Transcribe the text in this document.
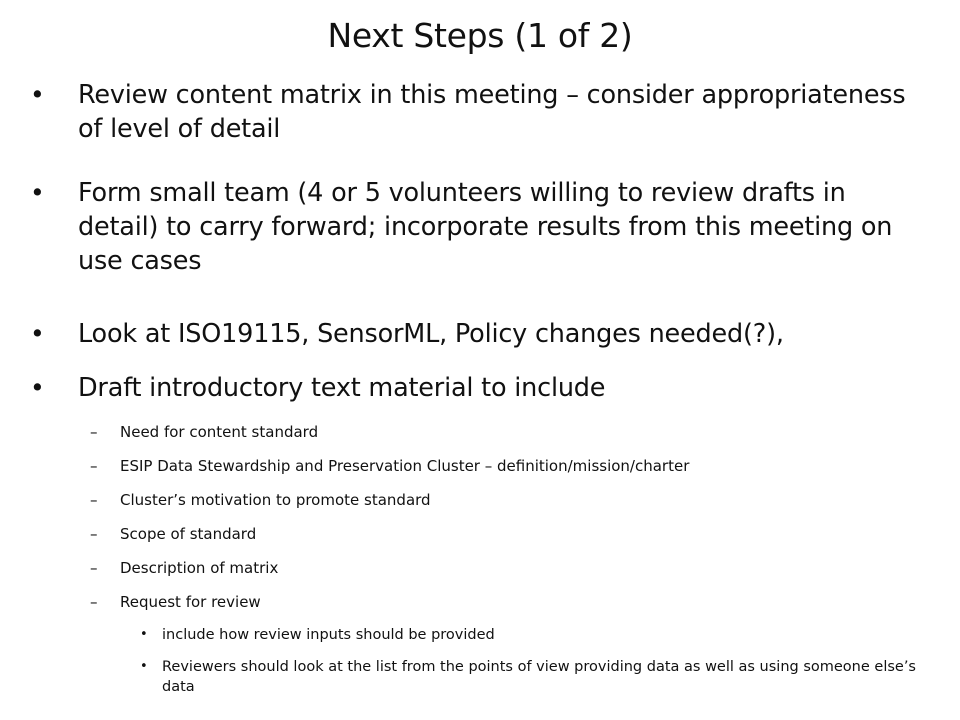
Next Steps (1 of 2)
• Review content matrix in this meeting – consider appropriateness of level of detail
• Form small team (4 or 5 volunteers willing to review drafts in detail) to carry forward; incorporate results from this meeting on use cases
• Look at ISO19115, SensorML, Policy changes needed(?),
• Draft introductory text material to include
– Need for content standard
– ESIP Data Stewardship and Preservation Cluster – definition/mission/charter
– Cluster’s motivation to promote standard
– Scope of standard
– Description of matrix
– Request for review
• include how review inputs should be provided
• Reviewers should look at the list from the points of view providing data as well as using someone else’s data
